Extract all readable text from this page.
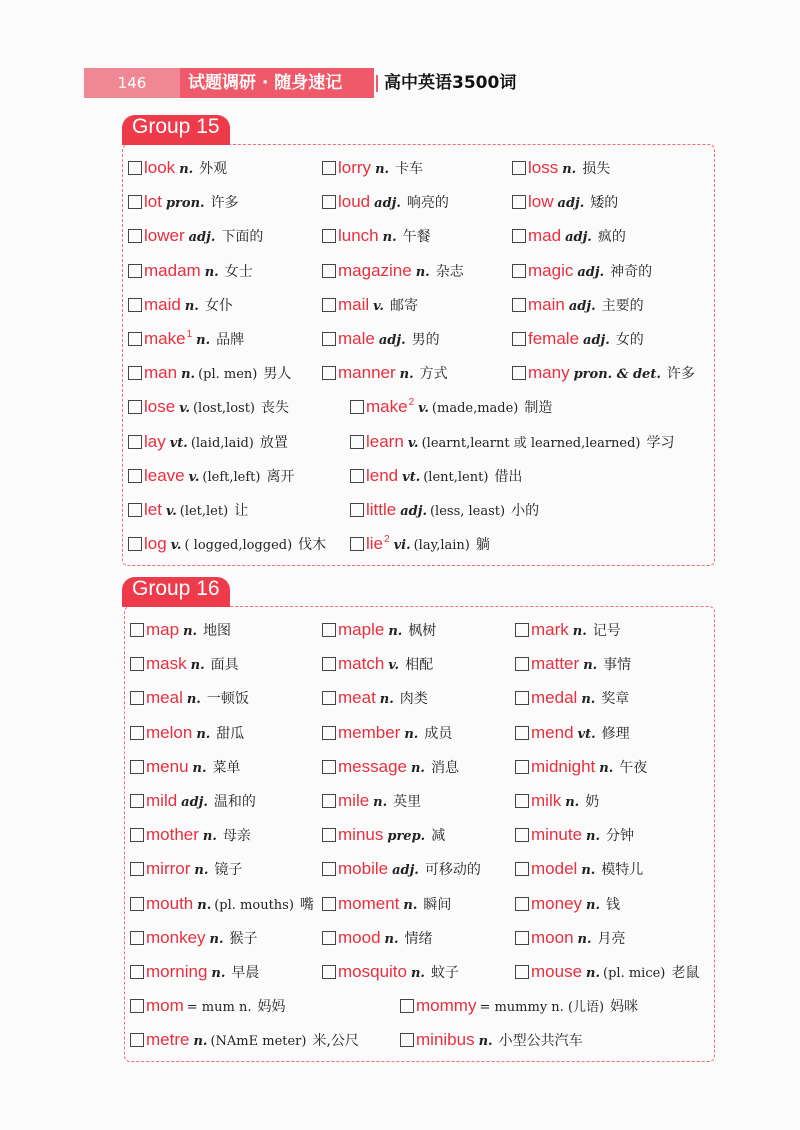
146	试题调研 · 随身速记 高中英语3500词
Group 15
look n. 外观	lorry n. 卡车	loss n. 损失
lot pron. 许多	loud adj. 响亮的	low adj. 矮的
lower adj. 下面的	lunch n. 午餐	mad adj. 疯的
madam n. 女士	magazine n. 杂志	magic adj. 神奇的
maid n. 女仆	mail v. 邮寄	main adj. 主要的
make$^1$ n. 品牌	male adj. 男的	female adj. 女的
man n. (pl. men) 男人	manner n. 方式	many pron. & det. 许多
lose v. (lost,lost) 丧失	make$^2$ v. (made,made) 制造
lay vt. (laid,laid) 放置	learn v. (learnt,learnt 或 learned,learned) 学习
leave v. (left,left) 离开	lend vt. (lent,lent) 借出
let v. (let,let) 让	little adj. (less, least) 小的
log v. ( logged,logged) 伐木	lie$^2$ vi. (lay,lain) 躺
Group 16
map n. 地图	maple n. 枫树	mark n. 记号
mask n. 面具	match v. 相配	matter n. 事情
meal n. 一顿饭	meat n. 肉类	medal n. 奖章
melon n. 甜瓜	member n. 成员	mend vt. 修理
menu n. 菜单	message n. 消息	midnight n. 午夜
mild adj. 温和的	mile n. 英里	milk n. 奶
mother n. 母亲	minus prep. 减	minute n. 分钟
mirror n. 镜子	mobile adj. 可移动的	model n. 模特儿
mouth n. (pl. mouths) 嘴	moment n. 瞬间	money n. 钱
monkey n. 猴子	mood n. 情绪	moon n. 月亮
morning n. 早晨	mosquito n. 蚊子	mouse n. (pl. mice) 老鼠
mom = mum n. 妈妈	mommy = mummy n. (儿语) 妈咪
metre n. (NAmE meter) 米,公尺	minibus n. 小型公共汽车
